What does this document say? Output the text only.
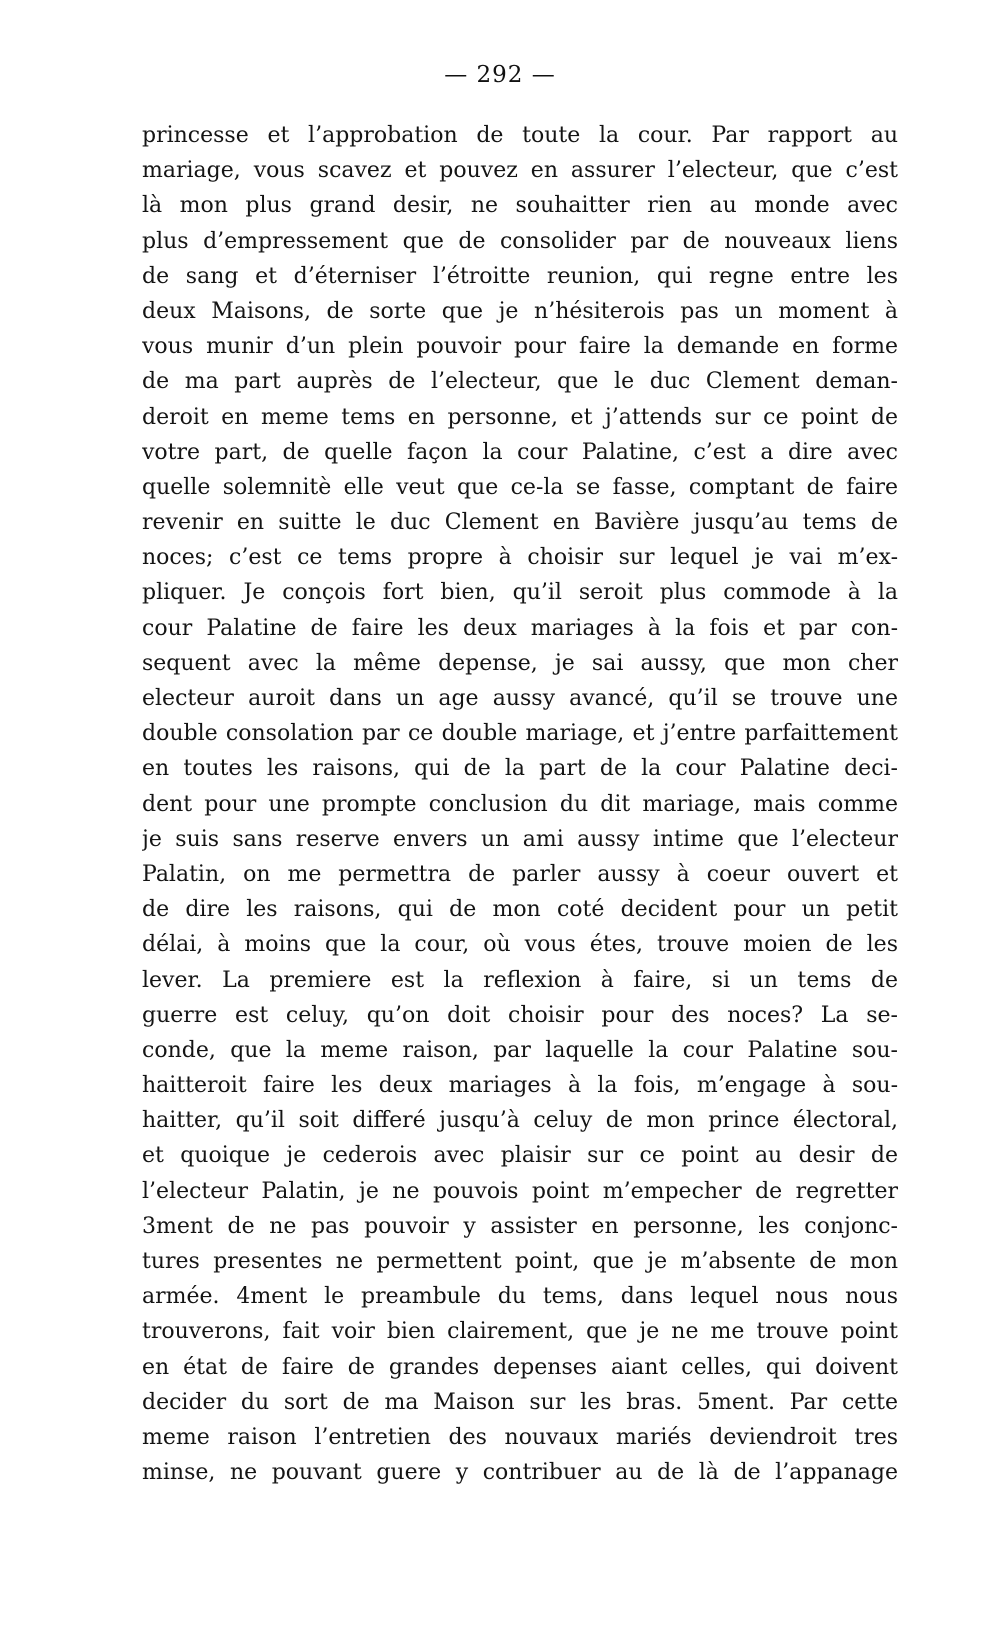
— 292 —
princesse et l’approbation de toute la cour. Par rapport au
mariage, vous scavez et pouvez en assurer l’electeur, que c’est
là mon plus grand desir, ne souhaitter rien au monde avec
plus d’empressement que de consolider par de nouveaux liens
de sang et d’éterniser l’étroitte reunion, qui regne entre les
deux Maisons, de sorte que je n’hésiterois pas un moment à
vous munir d’un plein pouvoir pour faire la demande en forme
de ma part auprès de l’electeur, que le duc Clement deman-
deroit en meme tems en personne, et j’attends sur ce point de
votre part, de quelle façon la cour Palatine, c’est a dire avec
quelle solemnitè elle veut que ce-la se fasse, comptant de faire
revenir en suitte le duc Clement en Bavière jusqu’au tems de
noces; c’est ce tems propre à choisir sur lequel je vai m’ex-
pliquer. Je conçois fort bien, qu’il seroit plus commode à la
cour Palatine de faire les deux mariages à la fois et par con-
sequent avec la même depense, je sai aussy, que mon cher
electeur auroit dans un age aussy avancé, qu’il se trouve une
double consolation par ce double mariage, et j’entre parfaittement
en toutes les raisons, qui de la part de la cour Palatine deci-
dent pour une prompte conclusion du dit mariage, mais comme
je suis sans reserve envers un ami aussy intime que l’electeur
Palatin, on me permettra de parler aussy à coeur ouvert et
de dire les raisons, qui de mon coté decident pour un petit
délai, à moins que la cour, où vous étes, trouve moien de les
lever. La premiere est la reflexion à faire, si un tems de
guerre est celuy, qu’on doit choisir pour des noces? La se-
conde, que la meme raison, par laquelle la cour Palatine sou-
haitteroit faire les deux mariages à la fois, m’engage à sou-
haitter, qu’il soit differé jusqu’à celuy de mon prince électoral,
et quoique je cederois avec plaisir sur ce point au desir de
l’electeur Palatin, je ne pouvois point m’empecher de regretter
3ment de ne pas pouvoir y assister en personne, les conjonc-
tures presentes ne permettent point, que je m’absente de mon
armée. 4ment le preambule du tems, dans lequel nous nous
trouverons, fait voir bien clairement, que je ne me trouve point
en état de faire de grandes depenses aiant celles, qui doivent
decider du sort de ma Maison sur les bras. 5ment. Par cette
meme raison l’entretien des nouvaux mariés deviendroit tres
minse, ne pouvant guere y contribuer au de là de l’appanage
